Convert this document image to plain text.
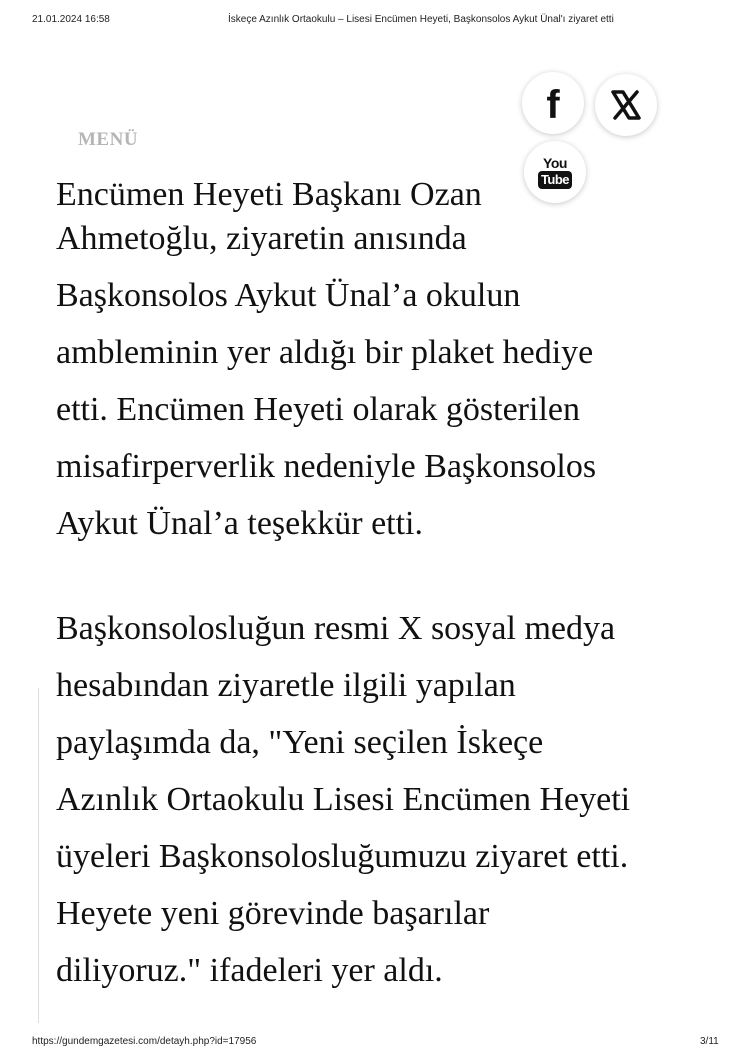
21.01.2024 16:58	İskeçe Azınlık Ortaokulu – Lisesi Encümen Heyeti, Başkonsolos Aykut Ünal'ı ziyaret etti
MENÜ
f
You
Tube
Encümen Heyeti Başkanı Ozan

Ahmetoğlu, ziyaretin anısında
Başkonsolos Aykut Ünal’a okulun
ambleminin yer aldığı bir plaket hediye
etti. Encümen Heyeti olarak gösterilen
misafirperverlik nedeniyle Başkonsolos
Aykut Ünal’a teşekkür etti.

Başkonsolosluğun resmi X sosyal medya
hesabından ziyaretle ilgili yapılan
paylaşımda da, "Yeni seçilen İskeçe
Azınlık Ortaokulu Lisesi Encümen Heyeti
üyeleri Başkonsolosluğumuzu ziyaret etti.
Heyete yeni görevinde başarılar
diliyoruz." ifadeleri yer aldı.

https://gundemgazetesi.com/detayh.php?id=17956	3/11
